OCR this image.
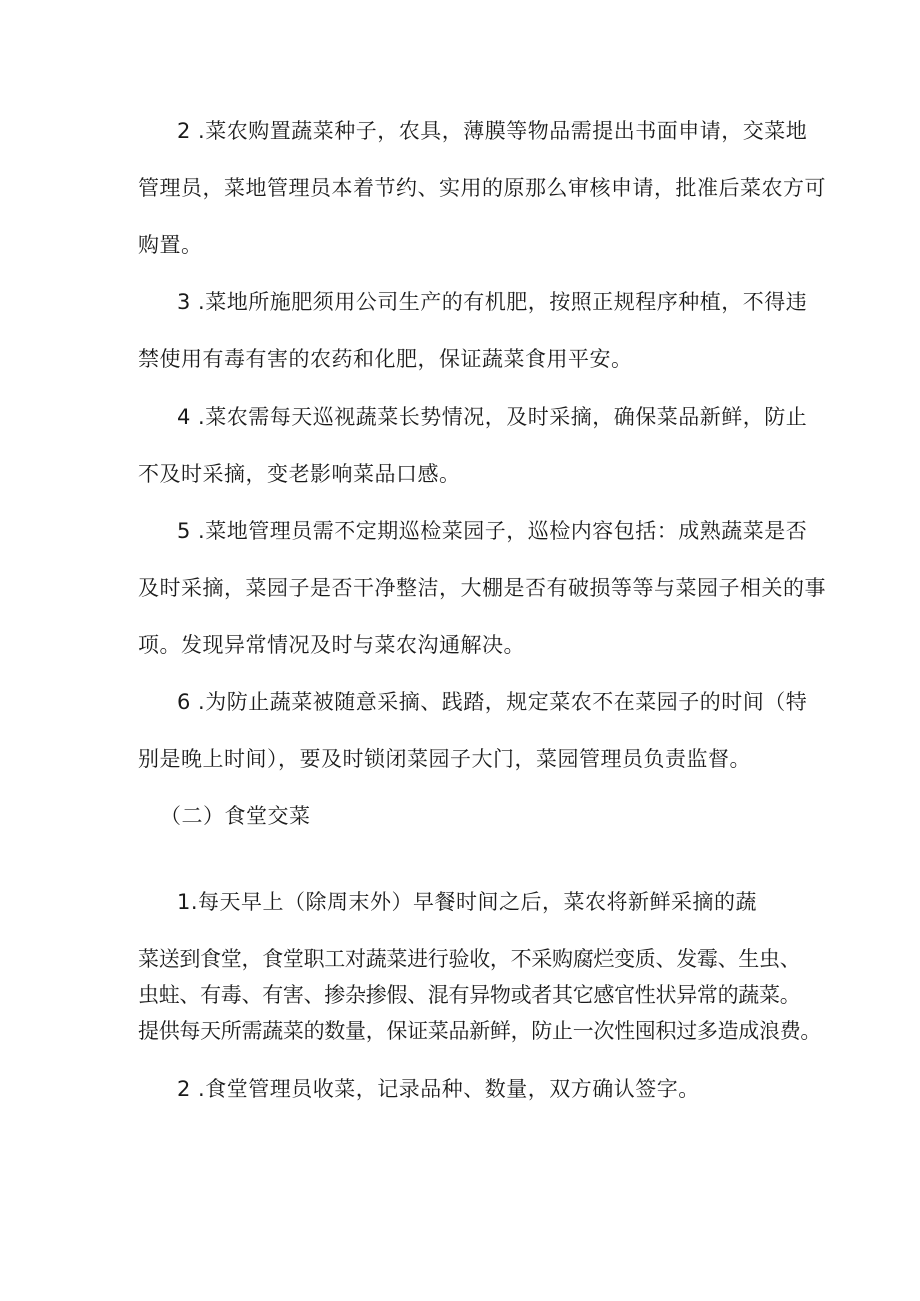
2 .菜农购置蔬菜种子，农具，薄膜等物品需提出书面申请，交菜地
管理员，菜地管理员本着节约、实用的原那么审核申请，批准后菜农方可
购置。
3 .菜地所施肥须用公司生产的有机肥，按照正规程序种植，不得违
禁使用有毒有害的农药和化肥，保证蔬菜食用平安。
4 .菜农需每天巡视蔬菜长势情况，及时采摘，确保菜品新鲜，防止
不及时采摘，变老影响菜品口感。
5 .菜地管理员需不定期巡检菜园子，巡检内容包括：成熟蔬菜是否
及时采摘，菜园子是否干净整洁，大棚是否有破损等等与菜园子相关的事
项。发现异常情况及时与菜农沟通解决。
6 .为防止蔬菜被随意采摘、践踏，规定菜农不在菜园子的时间（特
别是晚上时间），要及时锁闭菜园子大门，菜园管理员负责监督。
（二）食堂交菜
1.每天早上（除周末外）早餐时间之后，菜农将新鲜采摘的蔬
菜送到食堂，食堂职工对蔬菜进行验收，不采购腐烂变质、发霉、生虫、
虫蛀、有毒、有害、掺杂掺假、混有异物或者其它感官性状异常的蔬菜。
提供每天所需蔬菜的数量，保证菜品新鲜，防止一次性囤积过多造成浪费。
2 .食堂管理员收菜，记录品种、数量，双方确认签字。
